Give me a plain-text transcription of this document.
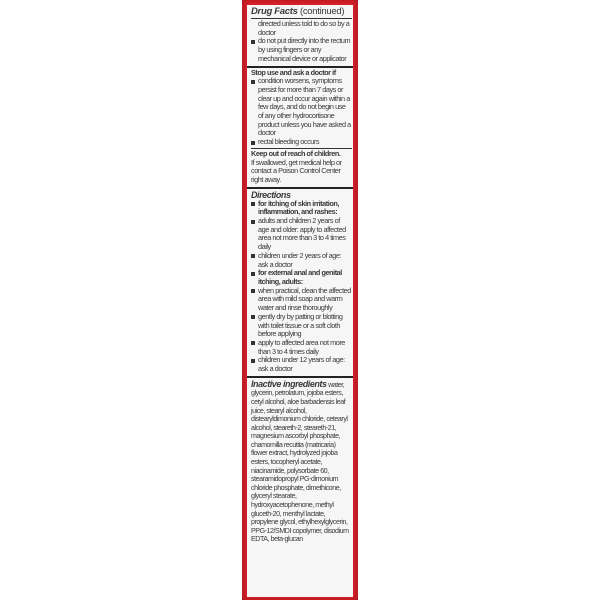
Drug Facts (continued)
directed unless told to do so by a doctor
do not put directly into the rectum by using fingers or any mechanical device or applicator
Stop use and ask a doctor if
condition worsens, symptoms persist for more than 7 days or clear up and occur again within a few days, and do not begin use of any other hydrocortisone product unless you have asked a doctor
rectal bleeding occurs
Keep out of reach of children.
If swallowed, get medical help or contact a Poison Control Center right away.
Directions
for itching of skin irritation, inflammation, and rashes:
adults and children 2 years of age and older: apply to affected area not more than 3 to 4 times daily
children under 2 years of age: ask a doctor
for external anal and genital itching, adults:
when practical, clean the affected area with mild soap and warm water and rinse thoroughly
gently dry by patting or blotting with toilet tissue or a soft cloth before applying
apply to affected area not more than 3 to 4 times daily
children under 12 years of age: ask a doctor
Inactive ingredients water, glycerin, petrolatum, jojoba esters, cetyl alcohol, aloe barbadensis leaf juice, stearyl alcohol, distearyldimonium chloride, cetearyl alcohol, steareth-2, steareth-21, magnesium ascorbyl phosphate, chamomilla recutita (matricaria) flower extract, hydrolyzed jojoba esters, tocopheryl acetate, niacinamide, polysorbate 60, stearamidopropyl PG-dimonium chloride phosphate, dimethicone, glyceryl stearate, hydroxyacetophenone, methyl gluceth-20, menthyl lactate, propylene glycol, ethylhexylglycerin, PPG-12/SMDI copolymer, disodium EDTA, beta-glucan
